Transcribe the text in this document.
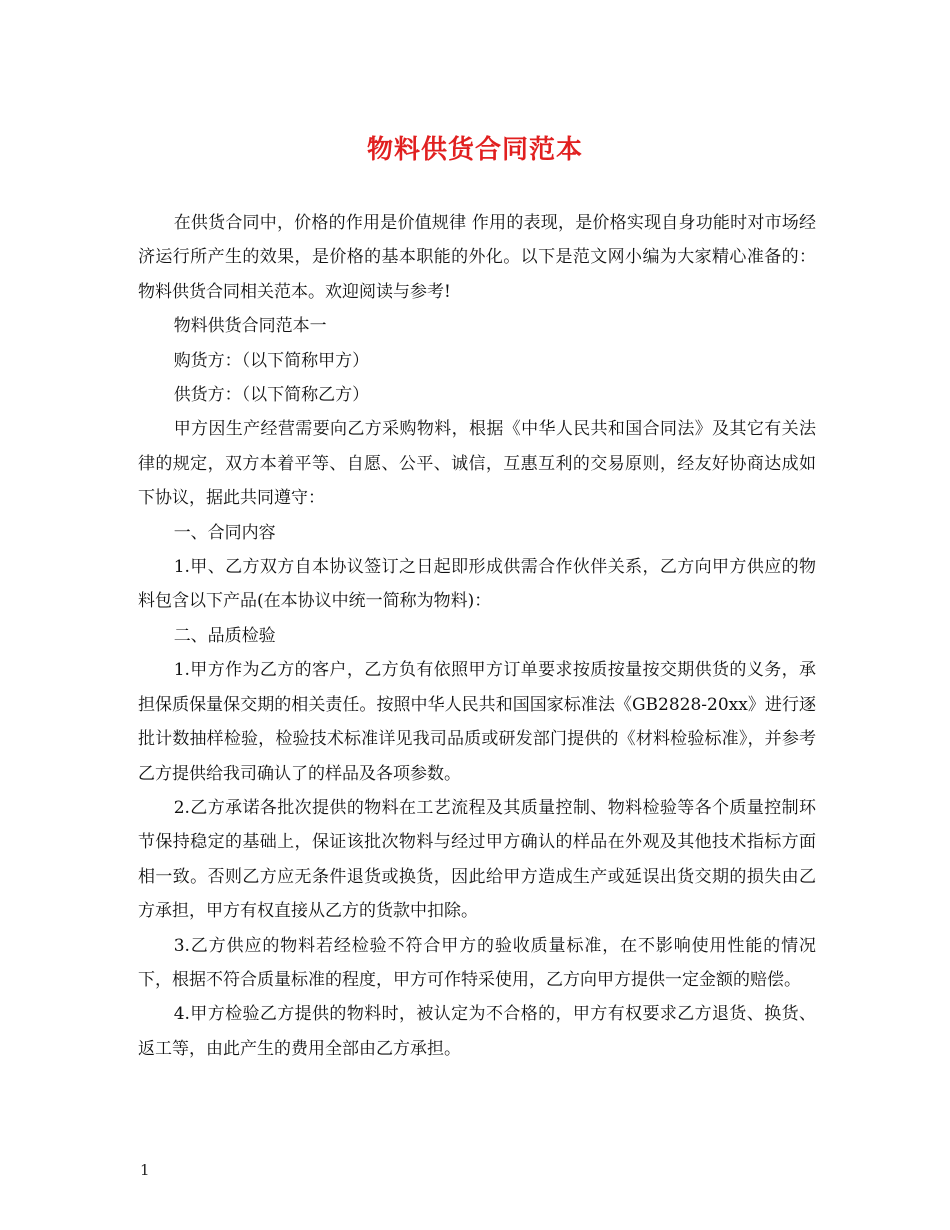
物料供货合同范本

在供货合同中，价格的作用是价值规律 作用的表现，是价格实现自身功能时对市场经济运行所产生的效果，是价格的基本职能的外化。以下是范文网小编为大家精心准备的：物料供货合同相关范本。欢迎阅读与参考!

物料供货合同范本一

购货方：（以下简称甲方）

供货方：（以下简称乙方）

甲方因生产经营需要向乙方采购物料，根据《中华人民共和国合同法》及其它有关法律的规定，双方本着平等、自愿、公平、诚信，互惠互利的交易原则，经友好协商达成如下协议，据此共同遵守：

一、合同内容

1.甲、乙方双方自本协议签订之日起即形成供需合作伙伴关系，乙方向甲方供应的物料包含以下产品(在本协议中统一简称为物料)：

二、品质检验

1.甲方作为乙方的客户，乙方负有依照甲方订单要求按质按量按交期供货的义务，承担保质保量保交期的相关责任。按照中华人民共和国国家标准法《GB2828-20xx》进行逐批计数抽样检验，检验技术标准详见我司品质或研发部门提供的《材料检验标准》，并参考乙方提供给我司确认了的样品及各项参数。

2.乙方承诺各批次提供的物料在工艺流程及其质量控制、物料检验等各个质量控制环节保持稳定的基础上，保证该批次物料与经过甲方确认的样品在外观及其他技术指标方面相一致。否则乙方应无条件退货或换货，因此给甲方造成生产或延误出货交期的损失由乙方承担，甲方有权直接从乙方的货款中扣除。

3.乙方供应的物料若经检验不符合甲方的验收质量标准，在不影响使用性能的情况下，根据不符合质量标准的程度，甲方可作特采使用，乙方向甲方提供一定金额的赔偿。

4.甲方检验乙方提供的物料时，被认定为不合格的，甲方有权要求乙方退货、换货、返工等，由此产生的费用全部由乙方承担。

1
